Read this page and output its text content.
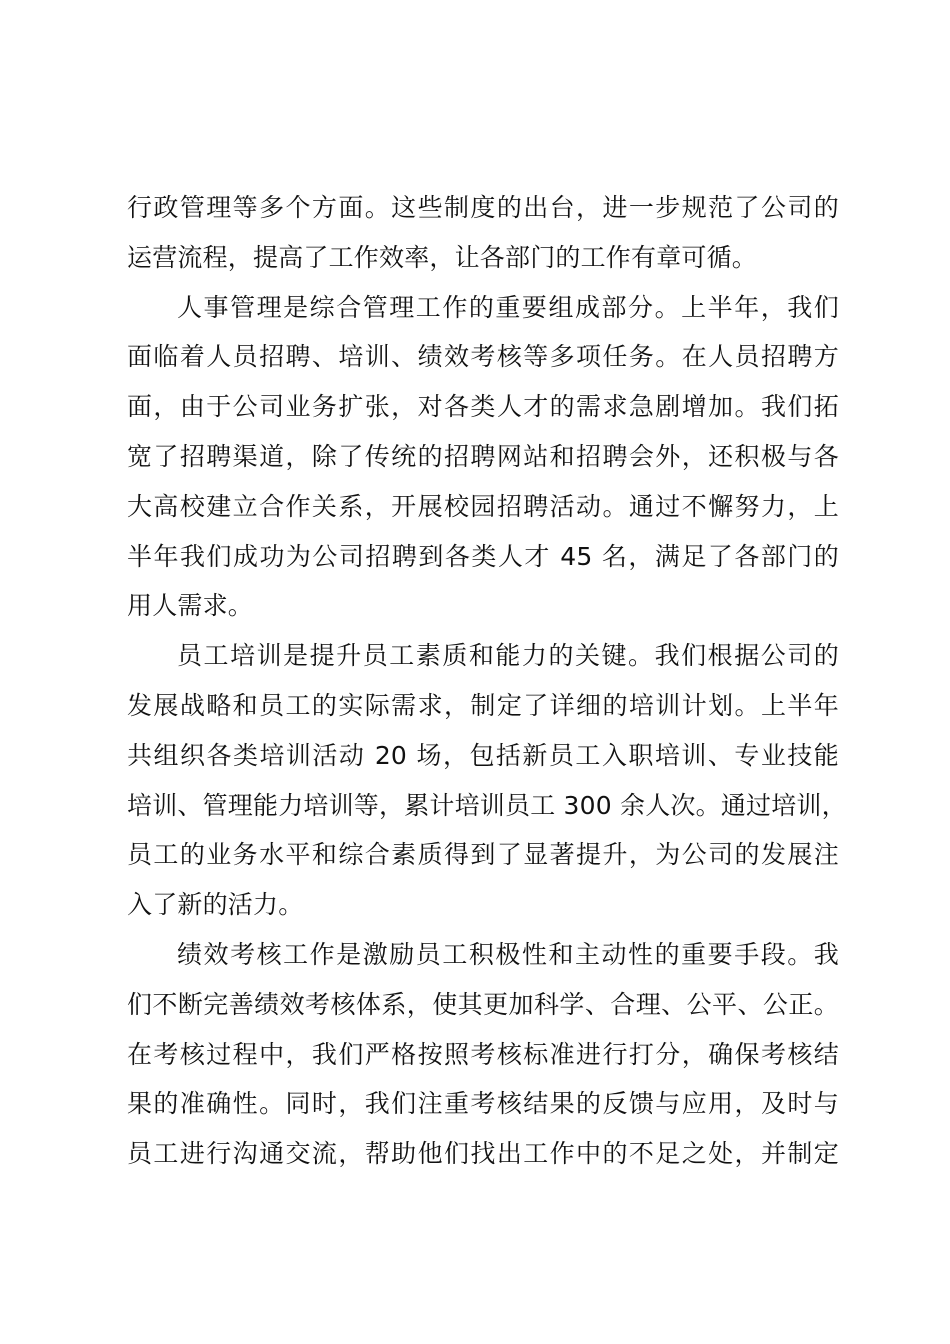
行政管理等多个方面。这些制度的出台，进一步规范了公司的
运营流程，提高了工作效率，让各部门的工作有章可循。
人事管理是综合管理工作的重要组成部分。上半年，我们
面临着人员招聘、培训、绩效考核等多项任务。在人员招聘方
面，由于公司业务扩张，对各类人才的需求急剧增加。我们拓
宽了招聘渠道，除了传统的招聘网站和招聘会外，还积极与各
大高校建立合作关系，开展校园招聘活动。通过不懈努力，上
半年我们成功为公司招聘到各类人才 45 名，满足了各部门的
用人需求。
员工培训是提升员工素质和能力的关键。我们根据公司的
发展战略和员工的实际需求，制定了详细的培训计划。上半年
共组织各类培训活动 20 场，包括新员工入职培训、专业技能
培训、管理能力培训等，累计培训员工 300 余人次。通过培训，
员工的业务水平和综合素质得到了显著提升，为公司的发展注
入了新的活力。
绩效考核工作是激励员工积极性和主动性的重要手段。我
们不断完善绩效考核体系，使其更加科学、合理、公平、公正。
在考核过程中，我们严格按照考核标准进行打分，确保考核结
果的准确性。同时，我们注重考核结果的反馈与应用，及时与
员工进行沟通交流，帮助他们找出工作中的不足之处，并制定
